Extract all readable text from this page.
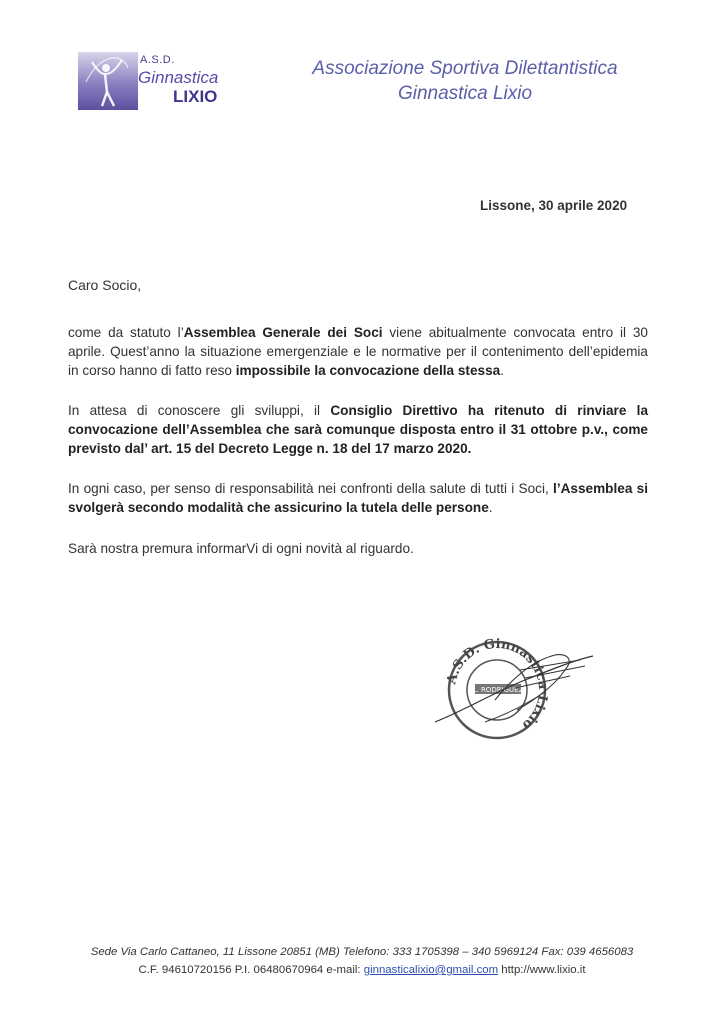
A.S.D.
Ginnastica
LIXIO
Associazione Sportiva Dilettantistica
Ginnastica Lixio
Lissone, 30 aprile 2020
Caro Socio,
come da statuto l’Assemblea Generale dei Soci viene abitualmente convocata entro il 30 aprile. Quest’anno la situazione emergenziale e le normative per il contenimento dell’epidemia in corso hanno di fatto reso impossibile la convocazione della stessa.
In attesa di conoscere gli sviluppi, il Consiglio Direttivo ha ritenuto di rinviare la convocazione dell’Assemblea che sarà comunque disposta entro il 31 ottobre p.v., come previsto dal’ art. 15 del Decreto Legge n. 18 del 17 marzo 2020.
In ogni caso, per senso di responsabilità nei confronti della salute di tutti i Soci, l’Assemblea si svolgerà secondo modalità che assicurino la tutela delle persone.
Sarà nostra premura informarVi di ogni novità al riguardo.
A.S.D. Ginnastica Lixio
L. RODRIGUEZ
Sede Via Carlo Cattaneo, 11 Lissone 20851 (MB) Telefono: 333 1705398 – 340 5969124 Fax: 039 4656083
C.F. 94610720156 P.I. 06480670964 e-mail: ginnasticalixio@gmail.com http://www.lixio.it
